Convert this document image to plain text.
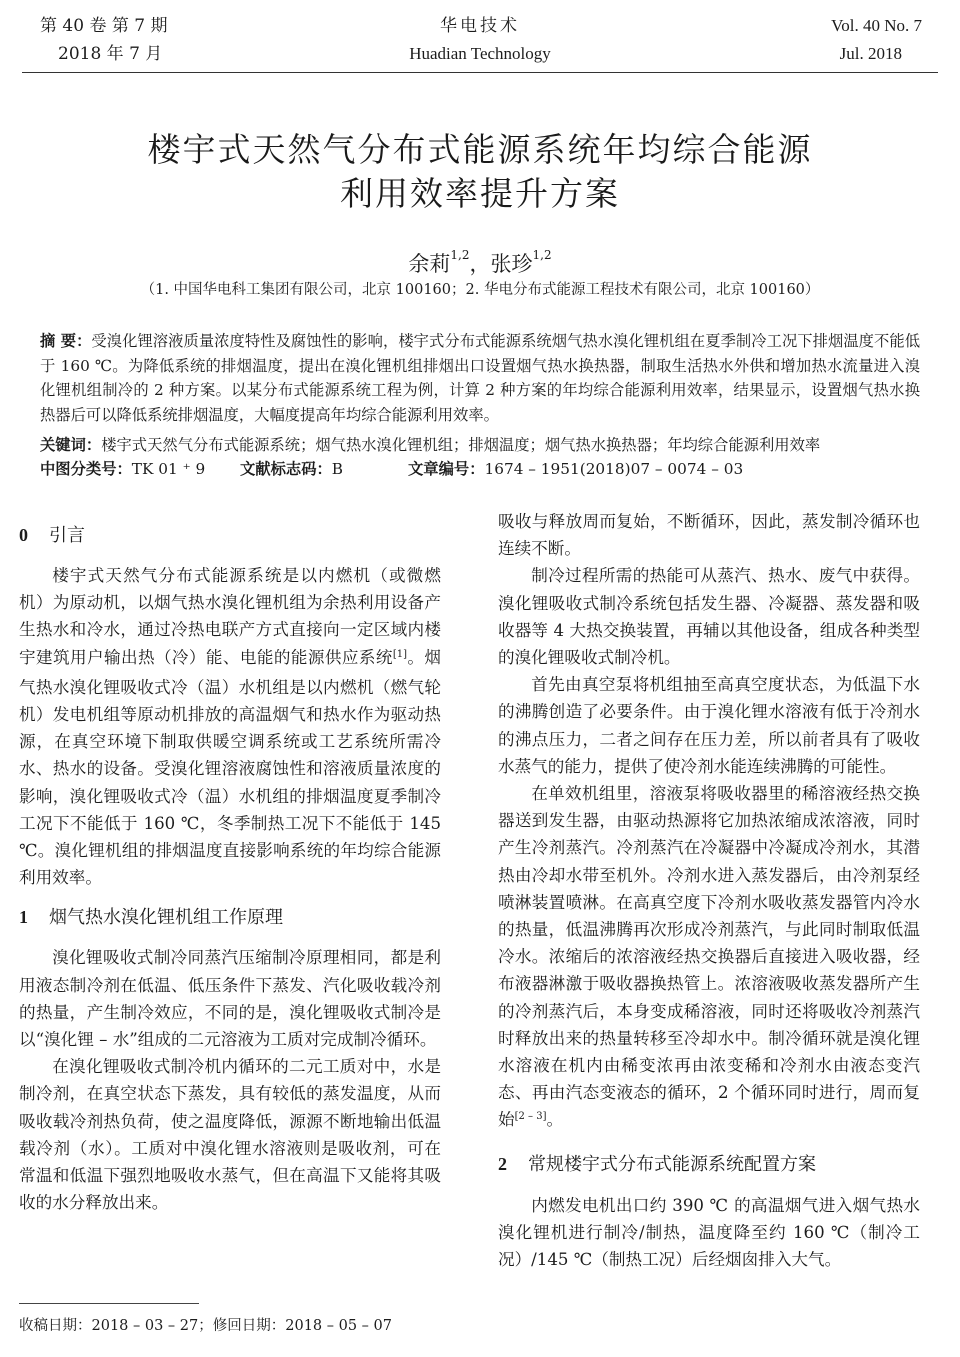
第 40 卷 第 7 期
2018 年 7 月
华电技术
Huadian Technology
Vol. 40 No. 7
Jul. 2018
楼宇式天然气分布式能源系统年均综合能源
利用效率提升方案
余莉$^{1,2}$，张珍$^{1,2}$
（1. 中国华电科工集团有限公司，北京 100160；2. 华电分布式能源工程技术有限公司，北京 100160）
摘 要：受溴化锂溶液质量浓度特性及腐蚀性的影响，楼宇式分布式能源系统烟气热水溴化锂机组在夏季制冷工况下排烟温度不能低于 160 ℃。为降低系统的排烟温度，提出在溴化锂机组排烟出口设置烟气热水换热器，制取生活热水外供和增加热水流量进入溴化锂机组制冷的 2 种方案。以某分布式能源系统工程为例，计算 2 种方案的年均综合能源利用效率，结果显示，设置烟气热水换热器后可以降低系统排烟温度，大幅度提高年均综合能源利用效率。
关键词：楼宇式天然气分布式能源系统；烟气热水溴化锂机组；排烟温度；烟气热水换热器；年均综合能源利用效率
中图分类号：TK 01 ⁺ 9 文献标志码：B	文章编号：1674 – 1951(2018)07 – 0074 – 03
0 引言

楼宇式天然气分布式能源系统是以内燃机（或微燃机）为原动机，以烟气热水溴化锂机组为余热利用设备产生热水和冷水，通过冷热电联产方式直接向一定区域内楼宇建筑用户输出热（冷）能、电能的能源供应系统[1]。烟气热水溴化锂吸收式冷（温）水机组是以内燃机（燃气轮机）发电机组等原动机排放的高温烟气和热水作为驱动热源，在真空环境下制取供暖空调系统或工艺系统所需冷水、热水的设备。受溴化锂溶液腐蚀性和溶液质量浓度的影响，溴化锂吸收式冷（温）水机组的排烟温度夏季制冷工况下不能低于 160 ℃，冬季制热工况下不能低于 145 ℃。溴化锂机组的排烟温度直接影响系统的年均综合能源利用效率。

1 烟气热水溴化锂机组工作原理

溴化锂吸收式制冷同蒸汽压缩制冷原理相同，都是利用液态制冷剂在低温、低压条件下蒸发、汽化吸收载冷剂的热量，产生制冷效应，不同的是，溴化锂吸收式制冷是以“溴化锂 – 水”组成的二元溶液为工质对完成制冷循环。

在溴化锂吸收式制冷机内循环的二元工质对中，水是制冷剂，在真空状态下蒸发，具有较低的蒸发温度，从而吸收载冷剂热负荷，使之温度降低，源源不断地输出低温载冷剂（水）。工质对中溴化锂水溶液则是吸收剂，可在常温和低温下强烈地吸收水蒸气，但在高温下又能将其吸收的水分释放出来。

收稿日期：2018 – 03 – 27；修回日期：2018 – 05 – 07

吸收与释放周而复始，不断循环，因此，蒸发制冷循环也连续不断。

制冷过程所需的热能可从蒸汽、热水、废气中获得。溴化锂吸收式制冷系统包括发生器、冷凝器、蒸发器和吸收器等 4 大热交换装置，再辅以其他设备，组成各种类型的溴化锂吸收式制冷机。

首先由真空泵将机组抽至高真空度状态，为低温下水的沸腾创造了必要条件。由于溴化锂水溶液有低于冷剂水的沸点压力，二者之间存在压力差，所以前者具有了吸收水蒸气的能力，提供了使冷剂水能连续沸腾的可能性。

在单效机组里，溶液泵将吸收器里的稀溶液经热交换器送到发生器，由驱动热源将它加热浓缩成浓溶液，同时产生冷剂蒸汽。冷剂蒸汽在冷凝器中冷凝成冷剂水，其潜热由冷却水带至机外。冷剂水进入蒸发器后，由冷剂泵经喷淋装置喷淋。在高真空度下冷剂水吸收蒸发器管内冷水的热量，低温沸腾再次形成冷剂蒸汽，与此同时制取低温冷水。浓缩后的浓溶液经热交换器后直接进入吸收器，经布液器淋激于吸收器换热管上。浓溶液吸收蒸发器所产生的冷剂蒸汽后，本身变成稀溶液，同时还将吸收冷剂蒸汽时释放出来的热量转移至冷却水中。制冷循环就是溴化锂水溶液在机内由稀变浓再由浓变稀和冷剂水由液态变汽态、再由汽态变液态的循环，2 个循环同时进行，周而复始[2 – 3]。

2 常规楼宇式分布式能源系统配置方案

内燃发电机出口约 390 ℃ 的高温烟气进入烟气热水溴化锂机进行制冷/制热，温度降至约 160 ℃（制冷工况）/145 ℃（制热工况）后经烟囱排入大气。
